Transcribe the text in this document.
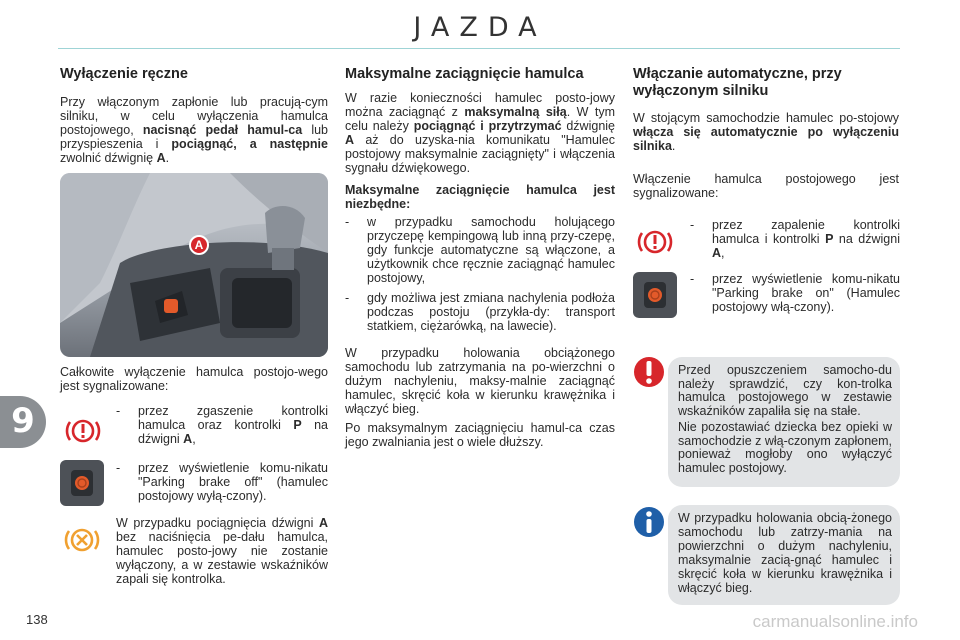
JAZDA
9
Wyłączenie ręczne

Przy włączonym zapłonie lub pracują-cym silniku, w celu wyłączenia hamulca postojowego, nacisnąć pedał hamul-ca lub przyspieszenia i pociągnąć, a następnie zwolnić dźwignię A.

A

Całkowite wyłączenie hamulca postojo-wego jest sygnalizowane:

-	przez zgaszenie kontrolki hamulca oraz kontrolki P na dźwigni A,
-	przez wyświetlenie komu-nikatu "Parking brake off" (hamulec postojowy wyłą-czony).

W przypadku pociągnięcia dźwigni A bez naciśnięcia pe-dału hamulca, hamulec posto-jowy nie zostanie wyłączony, a w zestawie wskaźników zapali się kontrolka.

Maksymalne zaciągnięcie hamulca

W razie konieczności hamulec posto-jowy można zaciągnąć z maksymalną siłą. W tym celu należy pociągnąć i przytrzymać dźwignię A aż do uzyska-nia komunikatu "Hamulec postojowy maksymalnie zaciągnięty" i włączenia sygnału dźwiękowego.

Maksymalne zaciągnięcie hamulca jest niezbędne:

-	w przypadku samochodu holującego przyczepę kempingową lub inną przy-czepę, gdy funkcje automatyczne są włączone, a użytkownik chce ręcznie zaciągnąć hamulec postojowy,
-	gdy możliwa jest zmiana nachylenia podłoża podczas postoju (przykła-dy: transport statkiem, ciężarówką, na lawecie).

W przypadku holowania obciążonego samochodu lub zatrzymania na po-wierzchni o dużym nachyleniu, maksy-malnie zaciągnąć hamulec, skręcić koła w kierunku krawężnika i włączyć bieg.

Po maksymalnym zaciągnięciu hamul-ca czas jego zwalniania jest o wiele dłuższy.

Włączanie automatyczne, przy wyłączonym silniku

W stojącym samochodzie hamulec po-stojowy włącza się automatycznie po wyłączeniu silnika.

Włączenie hamulca postojowego jest sygnalizowane:

-	przez zapalenie kontrolki hamulca i kontrolki P na dźwigni A,
-	przez wyświetlenie komu-nikatu "Parking brake on" (Hamulec postojowy włą-czony).

Przed opuszczeniem samocho-du należy sprawdzić, czy kon-trolka hamulca postojowego w zestawie wskaźników zapaliła się na stałe.

Nie pozostawiać dziecka bez opieki w samochodzie z włą-czonym zapłonem, ponieważ mogłoby ono wyłączyć hamulec postojowy.

W przypadku holowania obcią-żonego samochodu lub zatrzy-mania na powierzchni o dużym nachyleniu, maksymalnie zacią-gnąć hamulec i skręcić koła w kierunku krawężnika i włączyć bieg.

138	carmanualsonline.info
